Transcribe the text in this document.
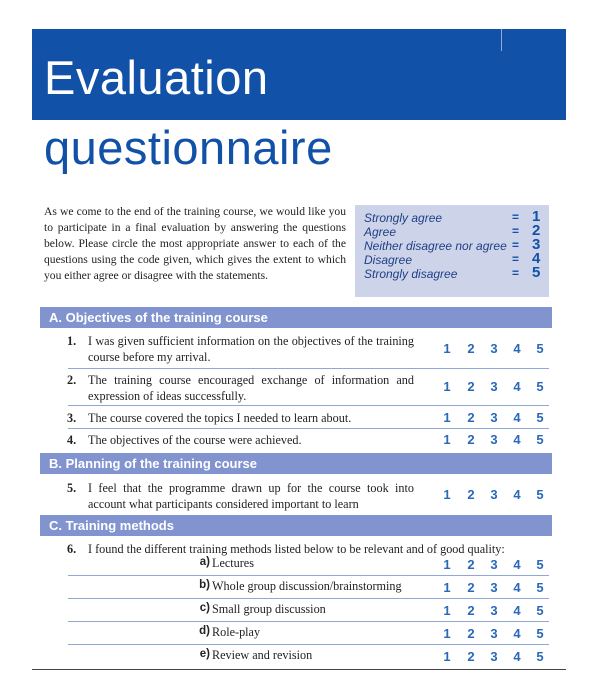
Evaluation
questionnaire
As we come to the end of the training course, we would like you to participate in a final evaluation by answering the questions below. Please circle the most appropriate answer to each of the questions using the code given, which gives the extent to which you either agree or disagree with the statements.
Strongly agree	= 1
Agree	= 2
Neither disagree nor agree = 3
Disagree	= 4
Strongly disagree	= 5
A. Objectives of the training course
1. I was given sufficient information on the objectives of the training course before my arrival.
1 2 3 4 5
2. The training course encouraged exchange of information and expression of ideas successfully.
1 2 3 4 5
3. The course covered the topics I needed to learn about.	1 2 3 4 5
4. The objectives of the course were achieved.	1 2 3 4 5
B. Planning of the training course
5. I feel that the programme drawn up for the course took into account what participants considered important to learn
1 2 3 4 5
C. Training methods
6. I found the different training methods listed below to be relevant and of good quality:
a) Lectures	1 2 3 4 5
b) Whole group discussion/brainstorming	1 2 3 4 5
c) Small group discussion	1 2 3 4 5
d) Role-play	1 2 3 4 5
e) Review and revision	1 2 3 4 5
